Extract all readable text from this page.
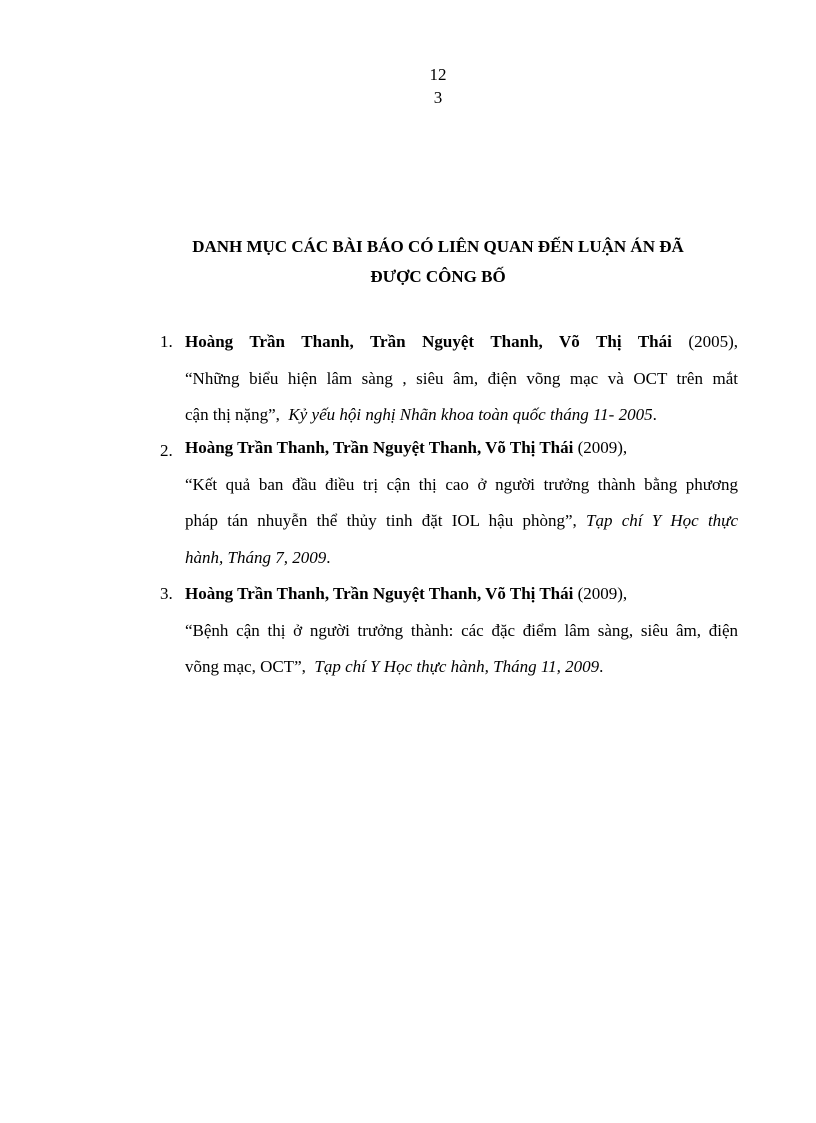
12
3
DANH MỤC CÁC BÀI BÁO CÓ LIÊN QUAN ĐẾN LUẬN ÁN ĐÃ
ĐƯỢC CÔNG BỐ
1. Hoàng Trần Thanh, Trần Nguyệt Thanh, Võ Thị Thái (2005),
“Những biểu hiện lâm sàng , siêu âm, điện võng mạc và OCT trên mắt
cận thị nặng”, Kỷ yếu hội nghị Nhãn khoa toàn quốc tháng 11- 2005.
2. Hoàng Trần Thanh, Trần Nguyệt Thanh, Võ Thị Thái (2009),
“Kết quả ban đầu điều trị cận thị cao ở người trưởng thành bằng phương
pháp tán nhuyễn thể thủy tinh đặt IOL hậu phòng”, Tạp chí Y Học thực
hành, Tháng 7, 2009.
3. Hoàng Trần Thanh, Trần Nguyệt Thanh, Võ Thị Thái (2009),
“Bệnh cận thị ở người trưởng thành: các đặc điểm lâm sàng, siêu âm, điện
võng mạc, OCT”, Tạp chí Y Học thực hành, Tháng 11, 2009.
